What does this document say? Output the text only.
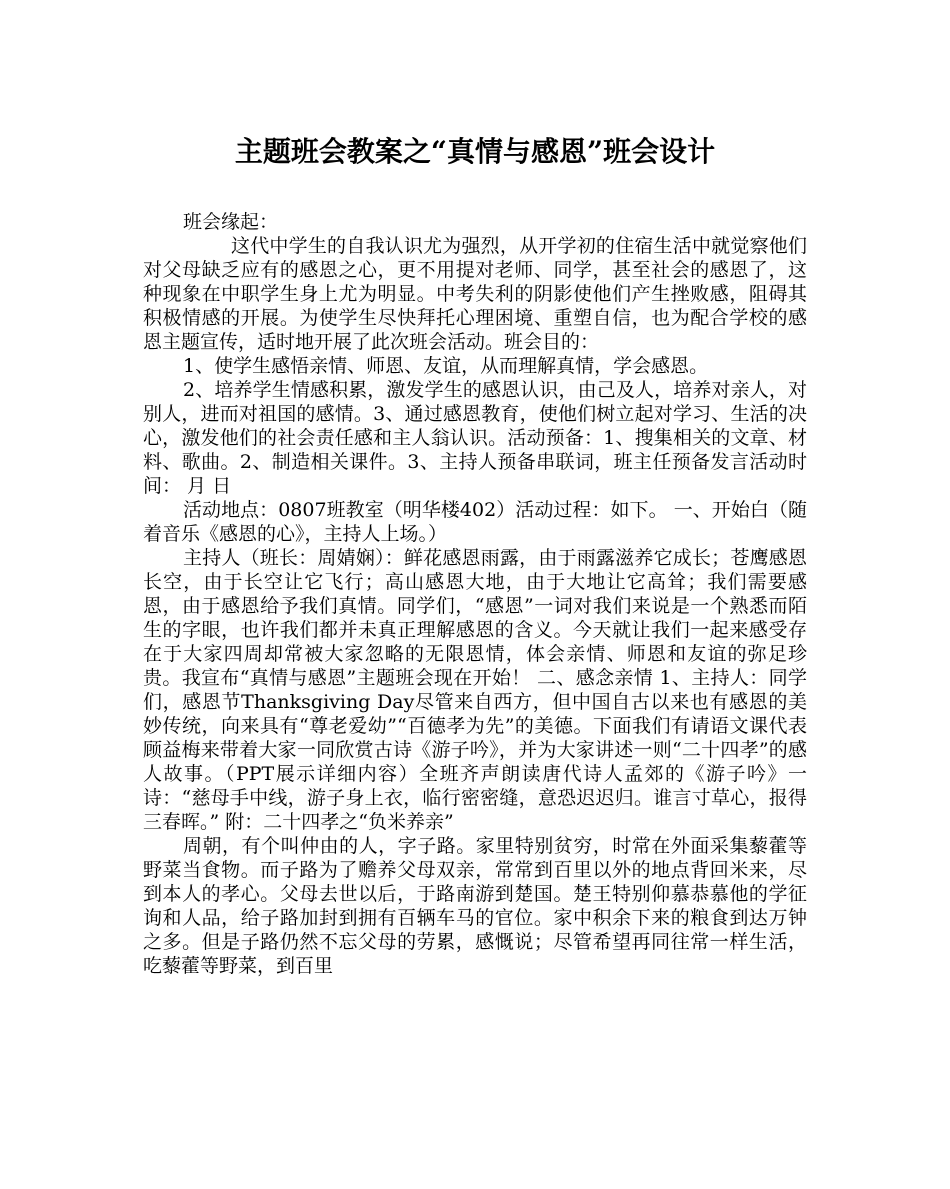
主题班会教案之“真情与感恩”班会设计

班会缘起：

这代中学生的自我认识尤为强烈，从开学初的住宿生活中就觉察他们对父母缺乏应有的感恩之心，更不用提对老师、同学，甚至社会的感恩了，这种现象在中职学生身上尤为明显。中考失利的阴影使他们产生挫败感，阻碍其积极情感的开展。为使学生尽快拜托心理困境、重塑自信，也为配合学校的感恩主题宣传，适时地开展了此次班会活动。班会目的：

1、使学生感悟亲情、师恩、友谊，从而理解真情，学会感恩。

2、培养学生情感积累，激发学生的感恩认识，由己及人，培养对亲人，对别人，进而对祖国的感情。3、通过感恩教育，使他们树立起对学习、生活的决心，激发他们的社会责任感和主人翁认识。活动预备：1、搜集相关的文章、材料、歌曲。2、制造相关课件。3、主持人预备串联词，班主任预备发言活动时间： 月 日

活动地点：0807班教室（明华楼402）活动过程：如下。 一、开始白（随着音乐《感恩的心》，主持人上场。）

主持人（班长：周婧娴）：鲜花感恩雨露，由于雨露滋养它成长；苍鹰感恩长空，由于长空让它飞行；高山感恩大地，由于大地让它高耸；我们需要感恩，由于感恩给予我们真情。同学们，“感恩”一词对我们来说是一个熟悉而陌生的字眼，也许我们都并未真正理解感恩的含义。今天就让我们一起来感受存在于大家四周却常被大家忽略的无限恩情，体会亲情、师恩和友谊的弥足珍贵。我宣布“真情与感恩”主题班会现在开始！ 二、感念亲情 1、主持人：同学们，感恩节Thanksgiving Day尽管来自西方，但中国自古以来也有感恩的美妙传统，向来具有“尊老爱幼”“百德孝为先”的美德。下面我们有请语文课代表顾益梅来带着大家一同欣赏古诗《游子吟》，并为大家讲述一则“二十四孝”的感人故事。（PPT展示详细内容）全班齐声朗读唐代诗人孟郊的《游子吟》一诗：“慈母手中线，游子身上衣，临行密密缝，意恐迟迟归。谁言寸草心，报得三春晖。” 附：二十四孝之“负米养亲”

周朝，有个叫仲由的人，字子路。家里特别贫穷，时常在外面采集藜藿等野菜当食物。而子路为了赡养父母双亲，常常到百里以外的地点背回米来，尽到本人的孝心。父母去世以后，于路南游到楚国。楚王特别仰慕恭慕他的学征询和人品，给子路加封到拥有百辆车马的官位。家中积余下来的粮食到达万钟之多。但是子路仍然不忘父母的劳累，感慨说；尽管希望再同往常一样生活，吃藜藿等野菜，到百里
